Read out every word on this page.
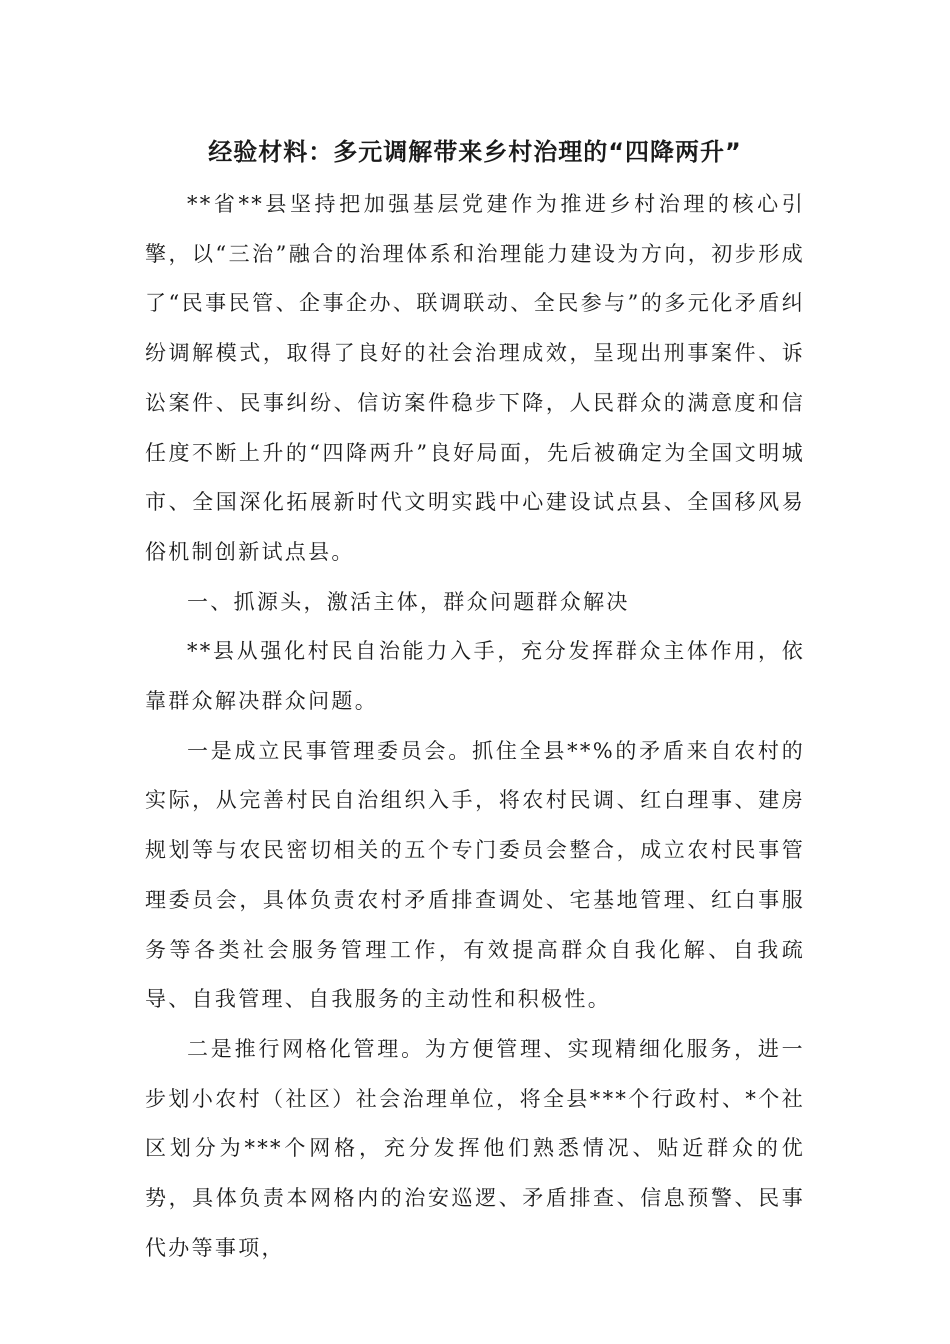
经验材料：多元调解带来乡村治理的“四降两升”

**省**县坚持把加强基层党建作为推进乡村治理的核心引擎，以“三治”融合的治理体系和治理能力建设为方向，初步形成了“民事民管、企事企办、联调联动、全民参与”的多元化矛盾纠纷调解模式，取得了良好的社会治理成效，呈现出刑事案件、诉讼案件、民事纠纷、信访案件稳步下降，人民群众的满意度和信任度不断上升的“四降两升”良好局面，先后被确定为全国文明城市、全国深化拓展新时代文明实践中心建设试点县、全国移风易俗机制创新试点县。

一、抓源头，激活主体，群众问题群众解决

**县从强化村民自治能力入手，充分发挥群众主体作用，依靠群众解决群众问题。

一是成立民事管理委员会。抓住全县**%的矛盾来自农村的实际，从完善村民自治组织入手，将农村民调、红白理事、建房规划等与农民密切相关的五个专门委员会整合，成立农村民事管理委员会，具体负责农村矛盾排查调处、宅基地管理、红白事服务等各类社会服务管理工作，有效提高群众自我化解、自我疏导、自我管理、自我服务的主动性和积极性。

二是推行网格化管理。为方便管理、实现精细化服务，进一步划小农村（社区）社会治理单位，将全县***个行政村、*个社区划分为***个网格，充分发挥他们熟悉情况、贴近群众的优势，具体负责本网格内的治安巡逻、矛盾排查、信息预警、民事代办等事项，
